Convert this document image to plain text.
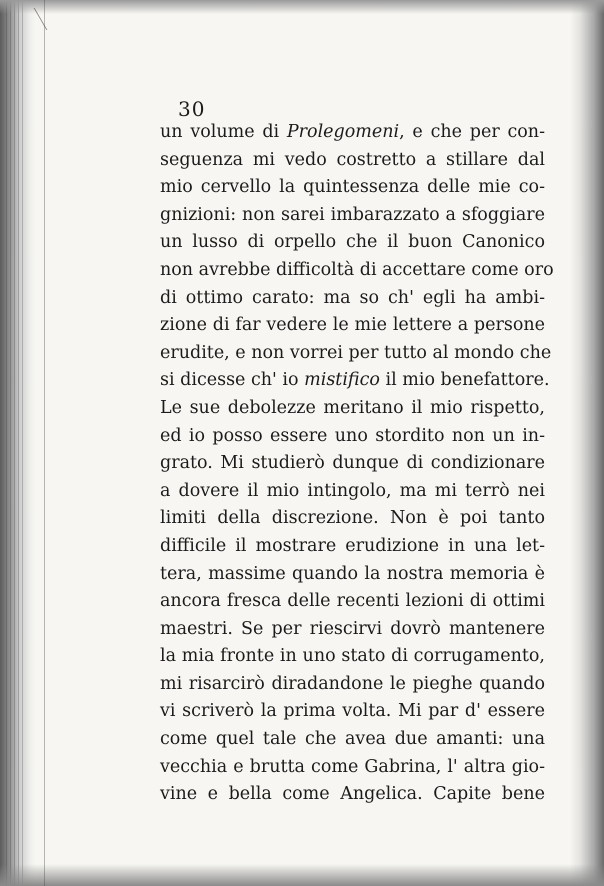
30
un volume di Prolegomeni, e che per con-
seguenza mi vedo costretto a stillare dal
mio cervello la quintessenza delle mie co-
gnizioni: non sarei imbarazzato a sfoggiare
un lusso di orpello che il buon Canonico
non avrebbe difficoltà di accettare come oro
di ottimo carato: ma so ch' egli ha ambi-
zione di far vedere le mie lettere a persone
erudite, e non vorrei per tutto al mondo che
si dicesse ch' io mistifico il mio benefattore.
Le sue debolezze meritano il mio rispetto,
ed io posso essere uno stordito non un in-
grato. Mi studierò dunque di condizionare
a dovere il mio intingolo, ma mi terrò nei
limiti della discrezione. Non è poi tanto
difficile il mostrare erudizione in una let-
tera, massime quando la nostra memoria è
ancora fresca delle recenti lezioni di ottimi
maestri. Se per riescirvi dovrò mantenere
la mia fronte in uno stato di corrugamento,
mi risarcirò diradandone le pieghe quando
vi scriverò la prima volta. Mi par d' essere
come quel tale che avea due amanti: una
vecchia e brutta come Gabrina, l' altra gio-
vine e bella come Angelica. Capite bene
